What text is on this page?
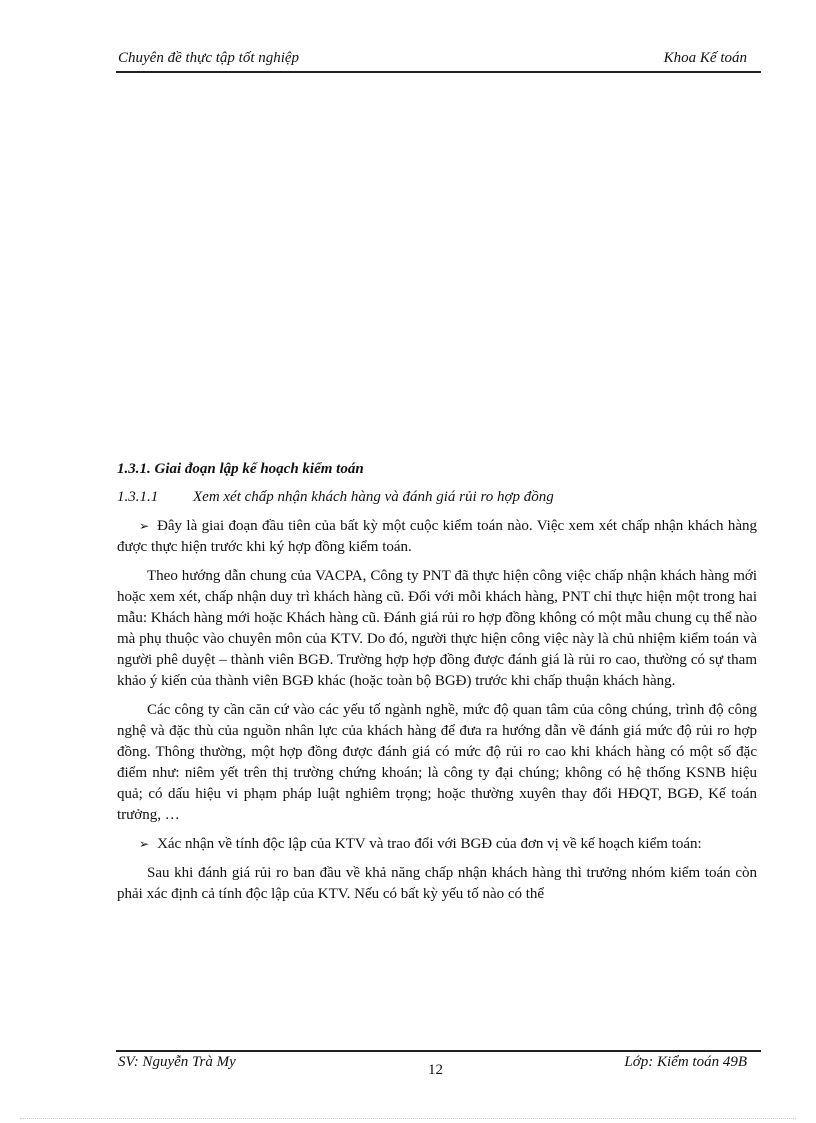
Chuyên đề thực tập tốt nghiệp	Khoa Kế toán
1.3.1. Giai đoạn lập kế hoạch kiểm toán
1.3.1.1 Xem xét chấp nhận khách hàng và đánh giá rủi ro hợp đồng

➢ Đây là giai đoạn đầu tiên của bất kỳ một cuộc kiểm toán nào. Việc xem xét chấp nhận khách hàng được thực hiện trước khi ký hợp đồng kiểm toán.

Theo hướng dẫn chung của VACPA, Công ty PNT đã thực hiện công việc chấp nhận khách hàng mới hoặc xem xét, chấp nhận duy trì khách hàng cũ. Đối với mỗi khách hàng, PNT chỉ thực hiện một trong hai mẫu: Khách hàng mới hoặc Khách hàng cũ. Đánh giá rủi ro hợp đồng không có một mẫu chung cụ thể nào mà phụ thuộc vào chuyên môn của KTV. Do đó, người thực hiện công việc này là chủ nhiệm kiểm toán và người phê duyệt – thành viên BGĐ. Trường hợp hợp đồng được đánh giá là rủi ro cao, thường có sự tham khảo ý kiến của thành viên BGĐ khác (hoặc toàn bộ BGĐ) trước khi chấp thuận khách hàng.

Các công ty cần căn cứ vào các yếu tố ngành nghề, mức độ quan tâm của công chúng, trình độ công nghệ và đặc thù của nguồn nhân lực của khách hàng để đưa ra hướng dẫn về đánh giá mức độ rủi ro hợp đồng. Thông thường, một hợp đồng được đánh giá có mức độ rủi ro cao khi khách hàng có một số đặc điểm như: niêm yết trên thị trường chứng khoán; là công ty đại chúng; không có hệ thống KSNB hiệu quả; có dấu hiệu vi phạm pháp luật nghiêm trọng; hoặc thường xuyên thay đổi HĐQT, BGĐ, Kế toán trưởng, …

➢ Xác nhận về tính độc lập của KTV và trao đổi với BGĐ của đơn vị về kế hoạch kiểm toán:

Sau khi đánh giá rủi ro ban đầu về khả năng chấp nhận khách hàng thì trưởng nhóm kiểm toán còn phải xác định cả tính độc lập của KTV. Nếu có bất kỳ yếu tố nào có thể

SV: Nguyễn Trà My	12	Lớp: Kiểm toán 49B
